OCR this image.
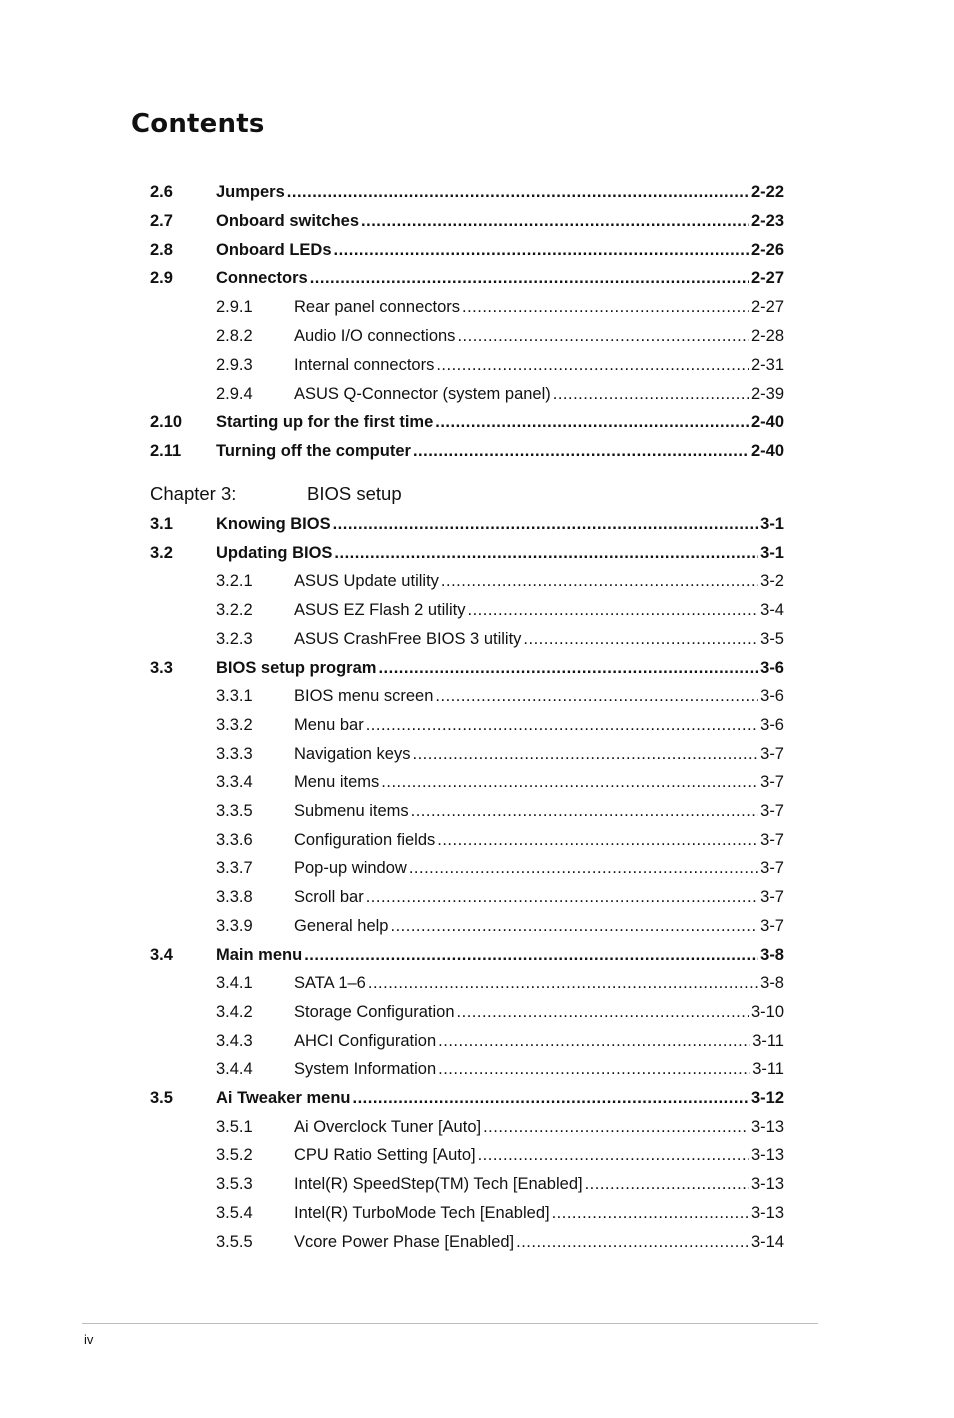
Contents
2.6	Jumpers .....	2-22
2.7	Onboard switches .....	2-23
2.8	Onboard LEDs .....	2-26
2.9	Connectors .....	2-27
2.9.1	Rear panel connectors .....	2-27
2.8.2	Audio I/O connections .....	2-28
2.9.3	Internal connectors .....	2-31
2.9.4	ASUS Q-Connector (system panel) .....	2-39
2.10 Starting up for the first time .....	2-40
2.11 Turning off the computer .....	2-40
Chapter 3:	BIOS setup
3.1	Knowing BIOS .....	3-1
3.2	Updating BIOS .....	3-1
3.2.1	ASUS Update utility .....	3-2
3.2.2	ASUS EZ Flash 2 utility .....	3-4
3.2.3	ASUS CrashFree BIOS 3 utility .....	3-5
3.3	BIOS setup program .....	3-6
3.3.1	BIOS menu screen .....	3-6
3.3.2	Menu bar .....	3-6
3.3.3	Navigation keys .....	3-7
3.3.4	Menu items .....	3-7
3.3.5	Submenu items .....	3-7
3.3.6	Configuration fields .....	3-7
3.3.7	Pop-up window .....	3-7
3.3.8	Scroll bar .....	3-7
3.3.9	General help .....	3-7
3.4	Main menu .....	3-8
3.4.1	SATA 1–6 .....	3-8
3.4.2	Storage Configuration .....	3-10
3.4.3	AHCI Configuration .....	3-11
3.4.4	System Information .....	3-11
3.5	Ai Tweaker menu .....	3-12
3.5.1	Ai Overclock Tuner [Auto] .....	3-13
3.5.2	CPU Ratio Setting [Auto] .....	3-13
3.5.3	Intel(R) SpeedStep(TM) Tech [Enabled] .....	3-13
3.5.4	Intel(R) TurboMode Tech [Enabled] .....	3-13
3.5.5	Vcore Power Phase [Enabled] .....	3-14
iv
